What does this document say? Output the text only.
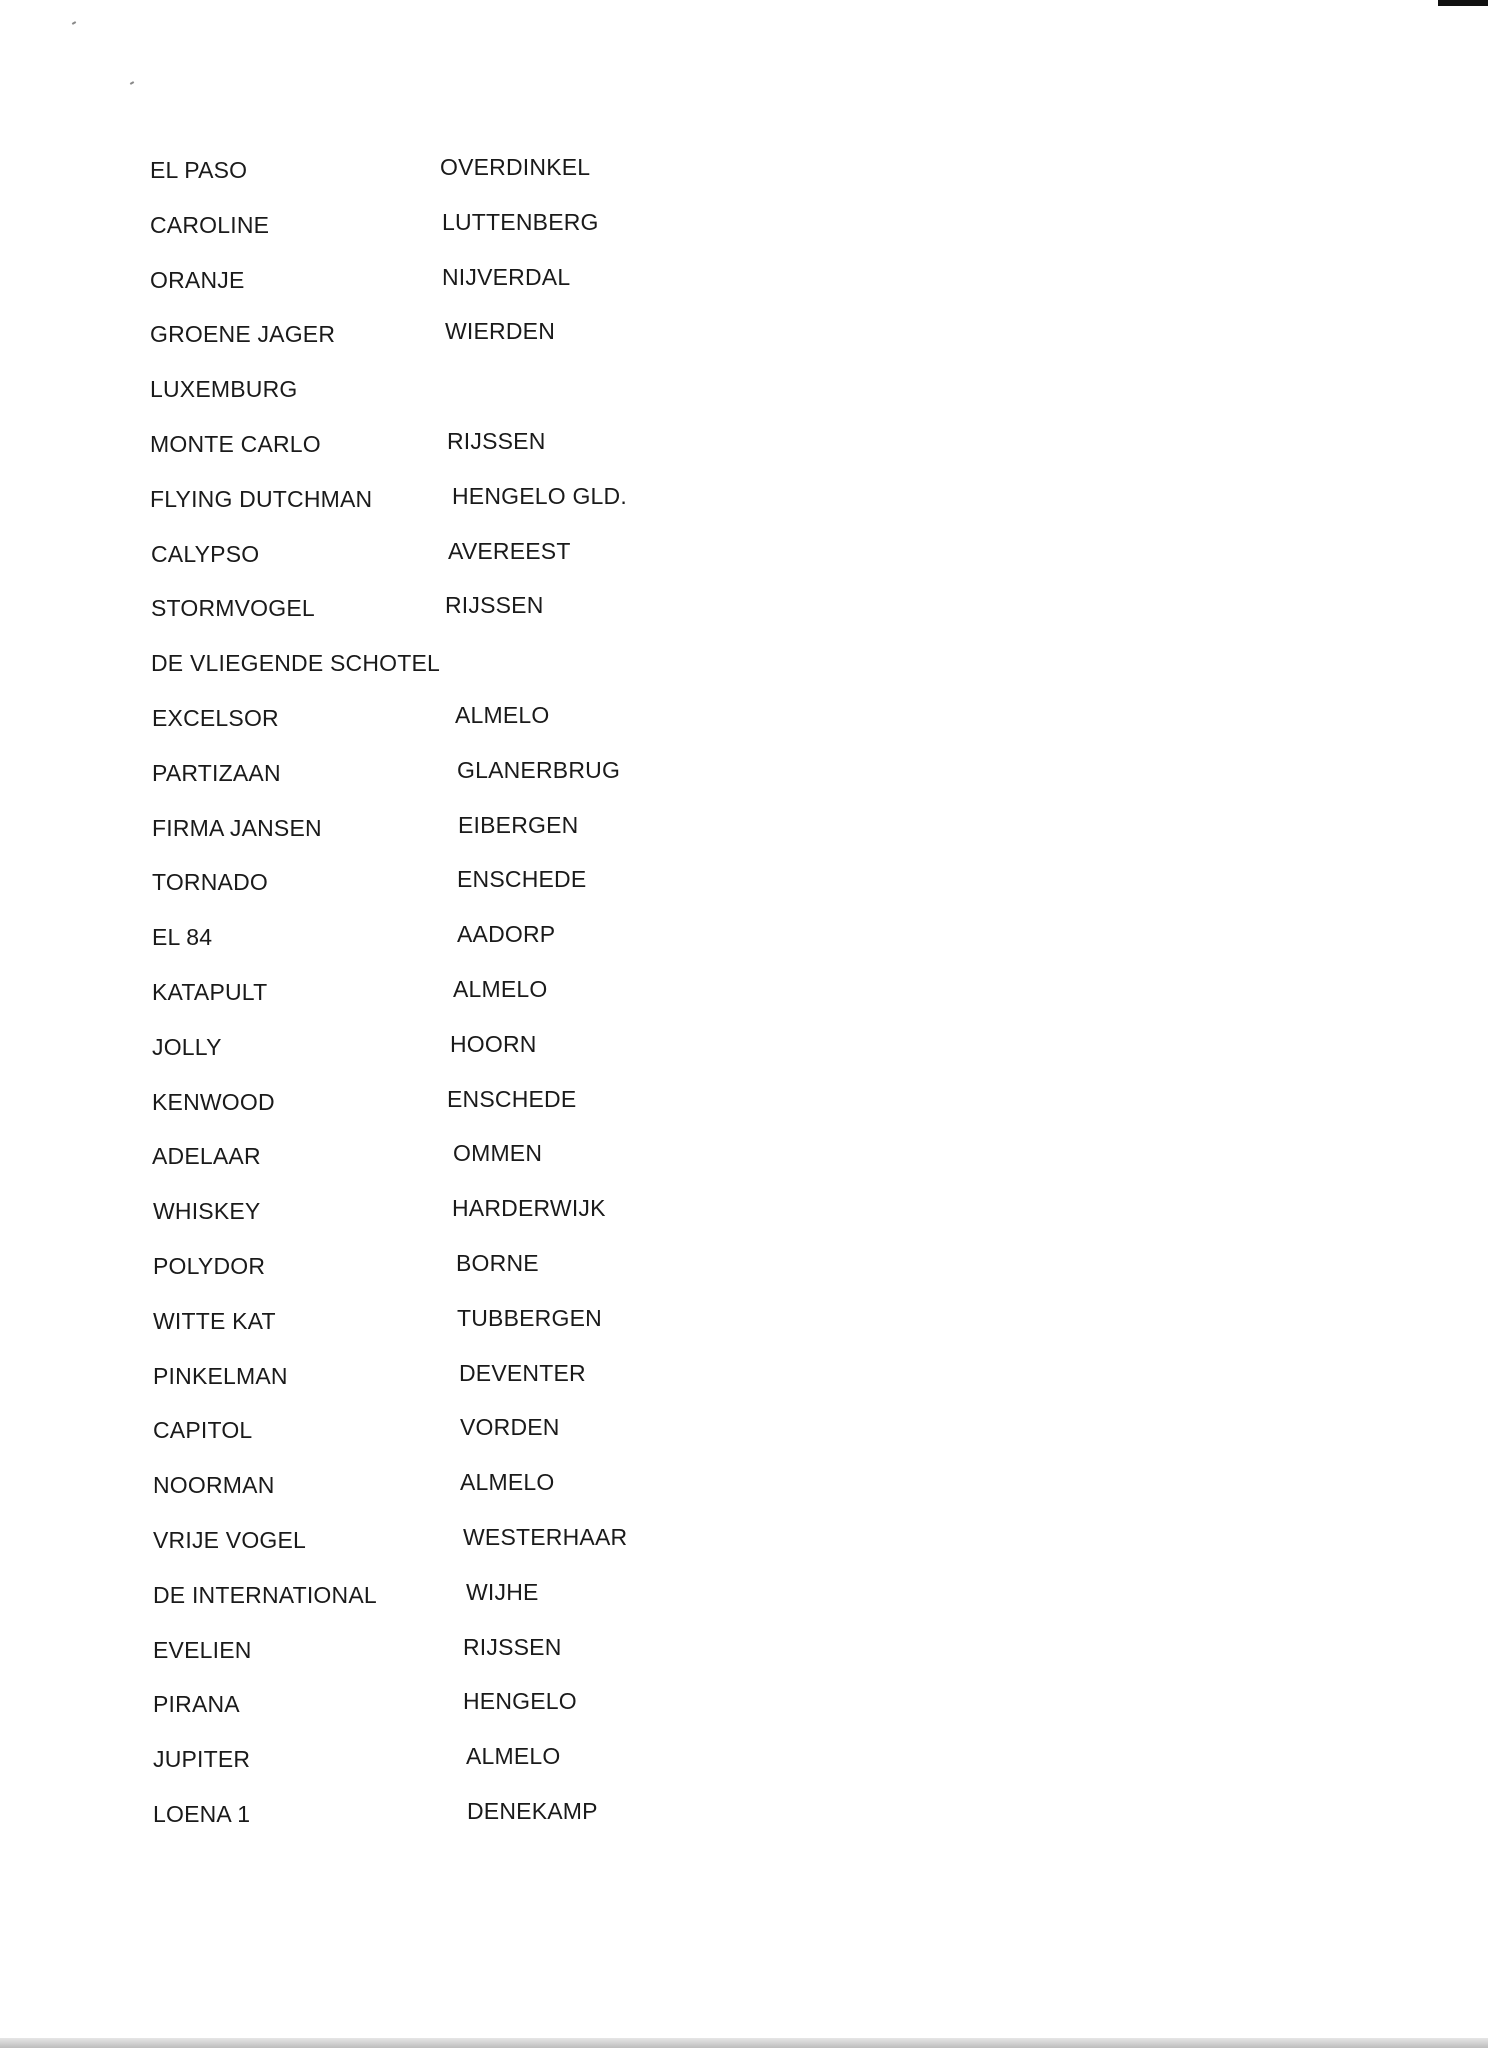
EL PASO	OVERDINKEL
CAROLINE	LUTTENBERG
ORANJE	NIJVERDAL
GROENE JAGER	WIERDEN
LUXEMBURG
MONTE CARLO	RIJSSEN
FLYING DUTCHMAN	HENGELO GLD.
CALYPSO	AVEREEST
STORMVOGEL	RIJSSEN
DE VLIEGENDE SCHOTEL
EXCELSOR	ALMELO
PARTIZAAN	GLANERBRUG
FIRMA JANSEN	EIBERGEN
TORNADO	ENSCHEDE
EL 84	AADORP
KATAPULT	ALMELO
JOLLY	HOORN
KENWOOD	ENSCHEDE
ADELAAR	OMMEN
WHISKEY	HARDERWIJK
POLYDOR	BORNE
WITTE KAT	TUBBERGEN
PINKELMAN	DEVENTER
CAPITOL	VORDEN
NOORMAN	ALMELO
VRIJE VOGEL	WESTERHAAR
DE INTERNATIONAL	WIJHE
EVELIEN	RIJSSEN
PIRANA	HENGELO
JUPITER	ALMELO
LOENA 1	DENEKAMP
